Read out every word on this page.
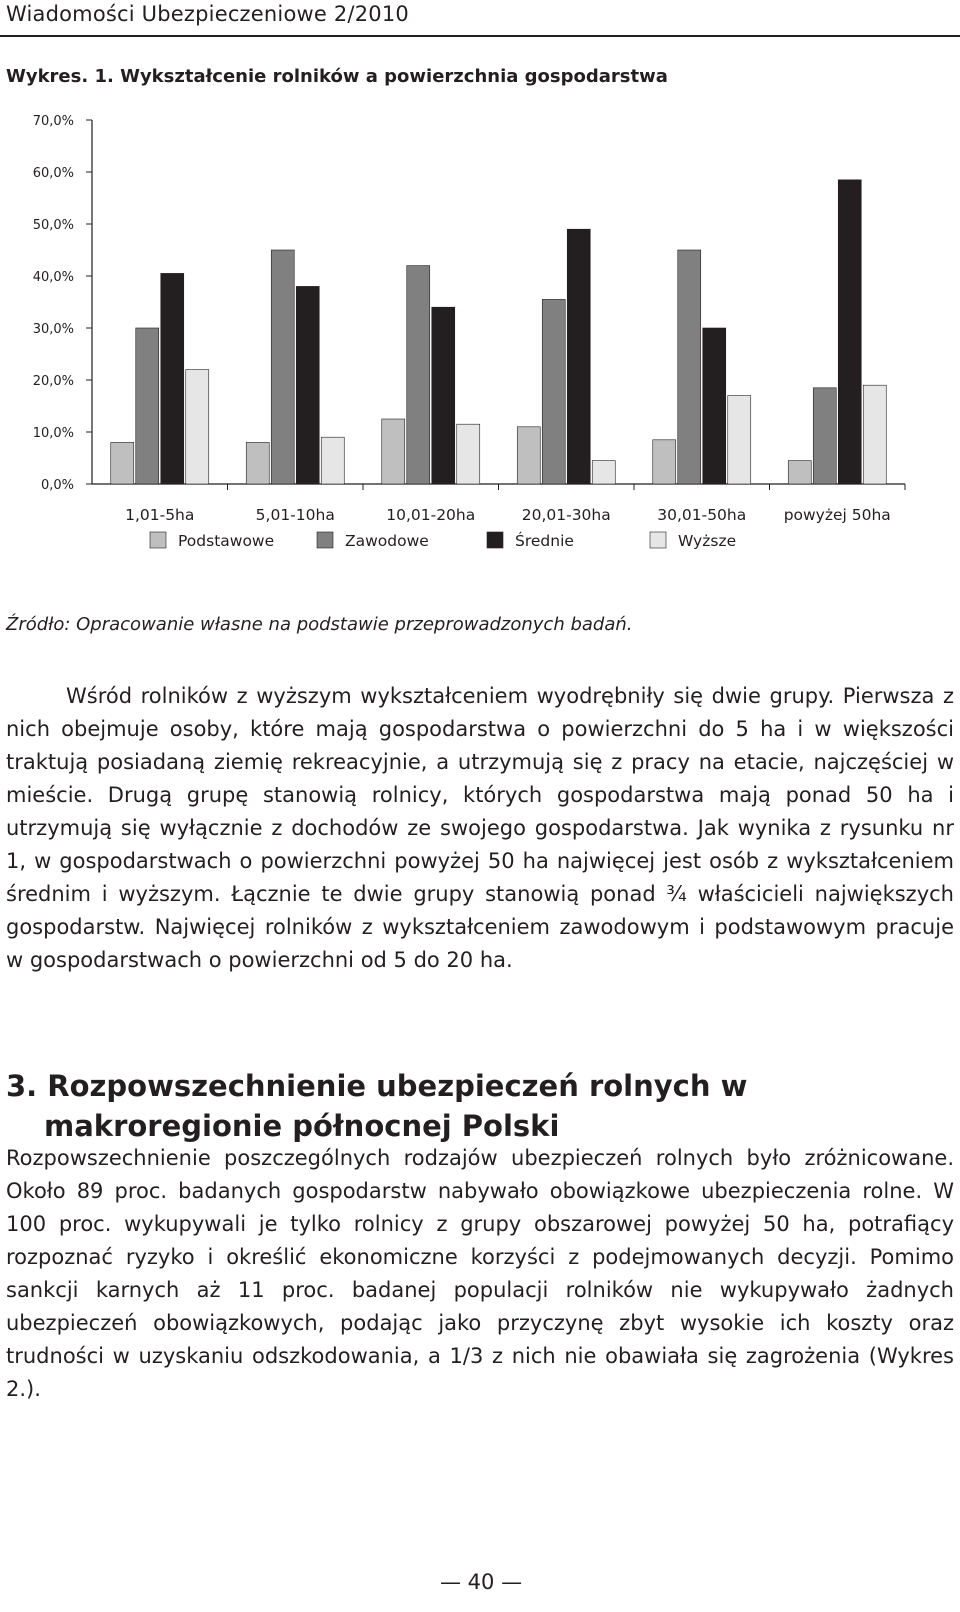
Wiadomości Ubezpieczeniowe 2/2010
Wykres. 1. Wykształcenie rolników a powierzchnia gospodarstwa
70,0%
60,0%
50,0%
40,0%
30,0%
20,0%
10,0%
0,0%
1,01-5ha	5,01-10ha	10,01-20ha	20,01-30ha	30,01-50ha powyżej 50ha
Podstawowe	Zawodowe	Średnie	Wyższe
Źródło: Opracowanie własne na podstawie przeprowadzonych badań.

Wśród rolników z wyższym wykształceniem wyodrębniły się dwie grupy. Pierwsza z nich obejmuje osoby, które mają gospodarstwa o powierzchni do 5 ha i w większości traktują posiadaną ziemię rekreacyjnie, a utrzymują się z pracy na etacie, najczęściej w mieście. Drugą grupę stanowią rolnicy, których gospodarstwa mają ponad 50 ha i utrzymują się wyłącznie z dochodów ze swojego gospodarstwa. Jak wynika z rysunku nr 1, w gospodarstwach o powierzchni powyżej 50 ha najwięcej jest osób z wykształceniem średnim i wyższym. Łącznie te dwie grupy stanowią ponad ¾ właścicieli największych gospodarstw. Najwięcej rolników z wykształceniem zawodowym i podstawowym pracuje w gospodarstwach o powierzchni od 5 do 20 ha.

3. Rozpowszechnienie ubezpieczeń rolnych w makroregionie północnej Polski

Rozpowszechnienie poszczególnych rodzajów ubezpieczeń rolnych było zróżnicowane. Około 89 proc. badanych gospodarstw nabywało obowiązkowe ubezpieczenia rolne. W 100 proc. wykupywali je tylko rolnicy z grupy obszarowej powyżej 50 ha, potrafiący rozpoznać ryzyko i określić ekonomiczne korzyści z podejmowanych decyzji. Pomimo sankcji karnych aż 11 proc. badanej populacji rolników nie wykupywało żadnych ubezpieczeń obowiązkowych, podając jako przyczynę zbyt wysokie ich koszty oraz trudności w uzyskaniu odszkodowania, a 1/3 z nich nie obawiała się zagrożenia (Wykres 2.).

— 40 —
